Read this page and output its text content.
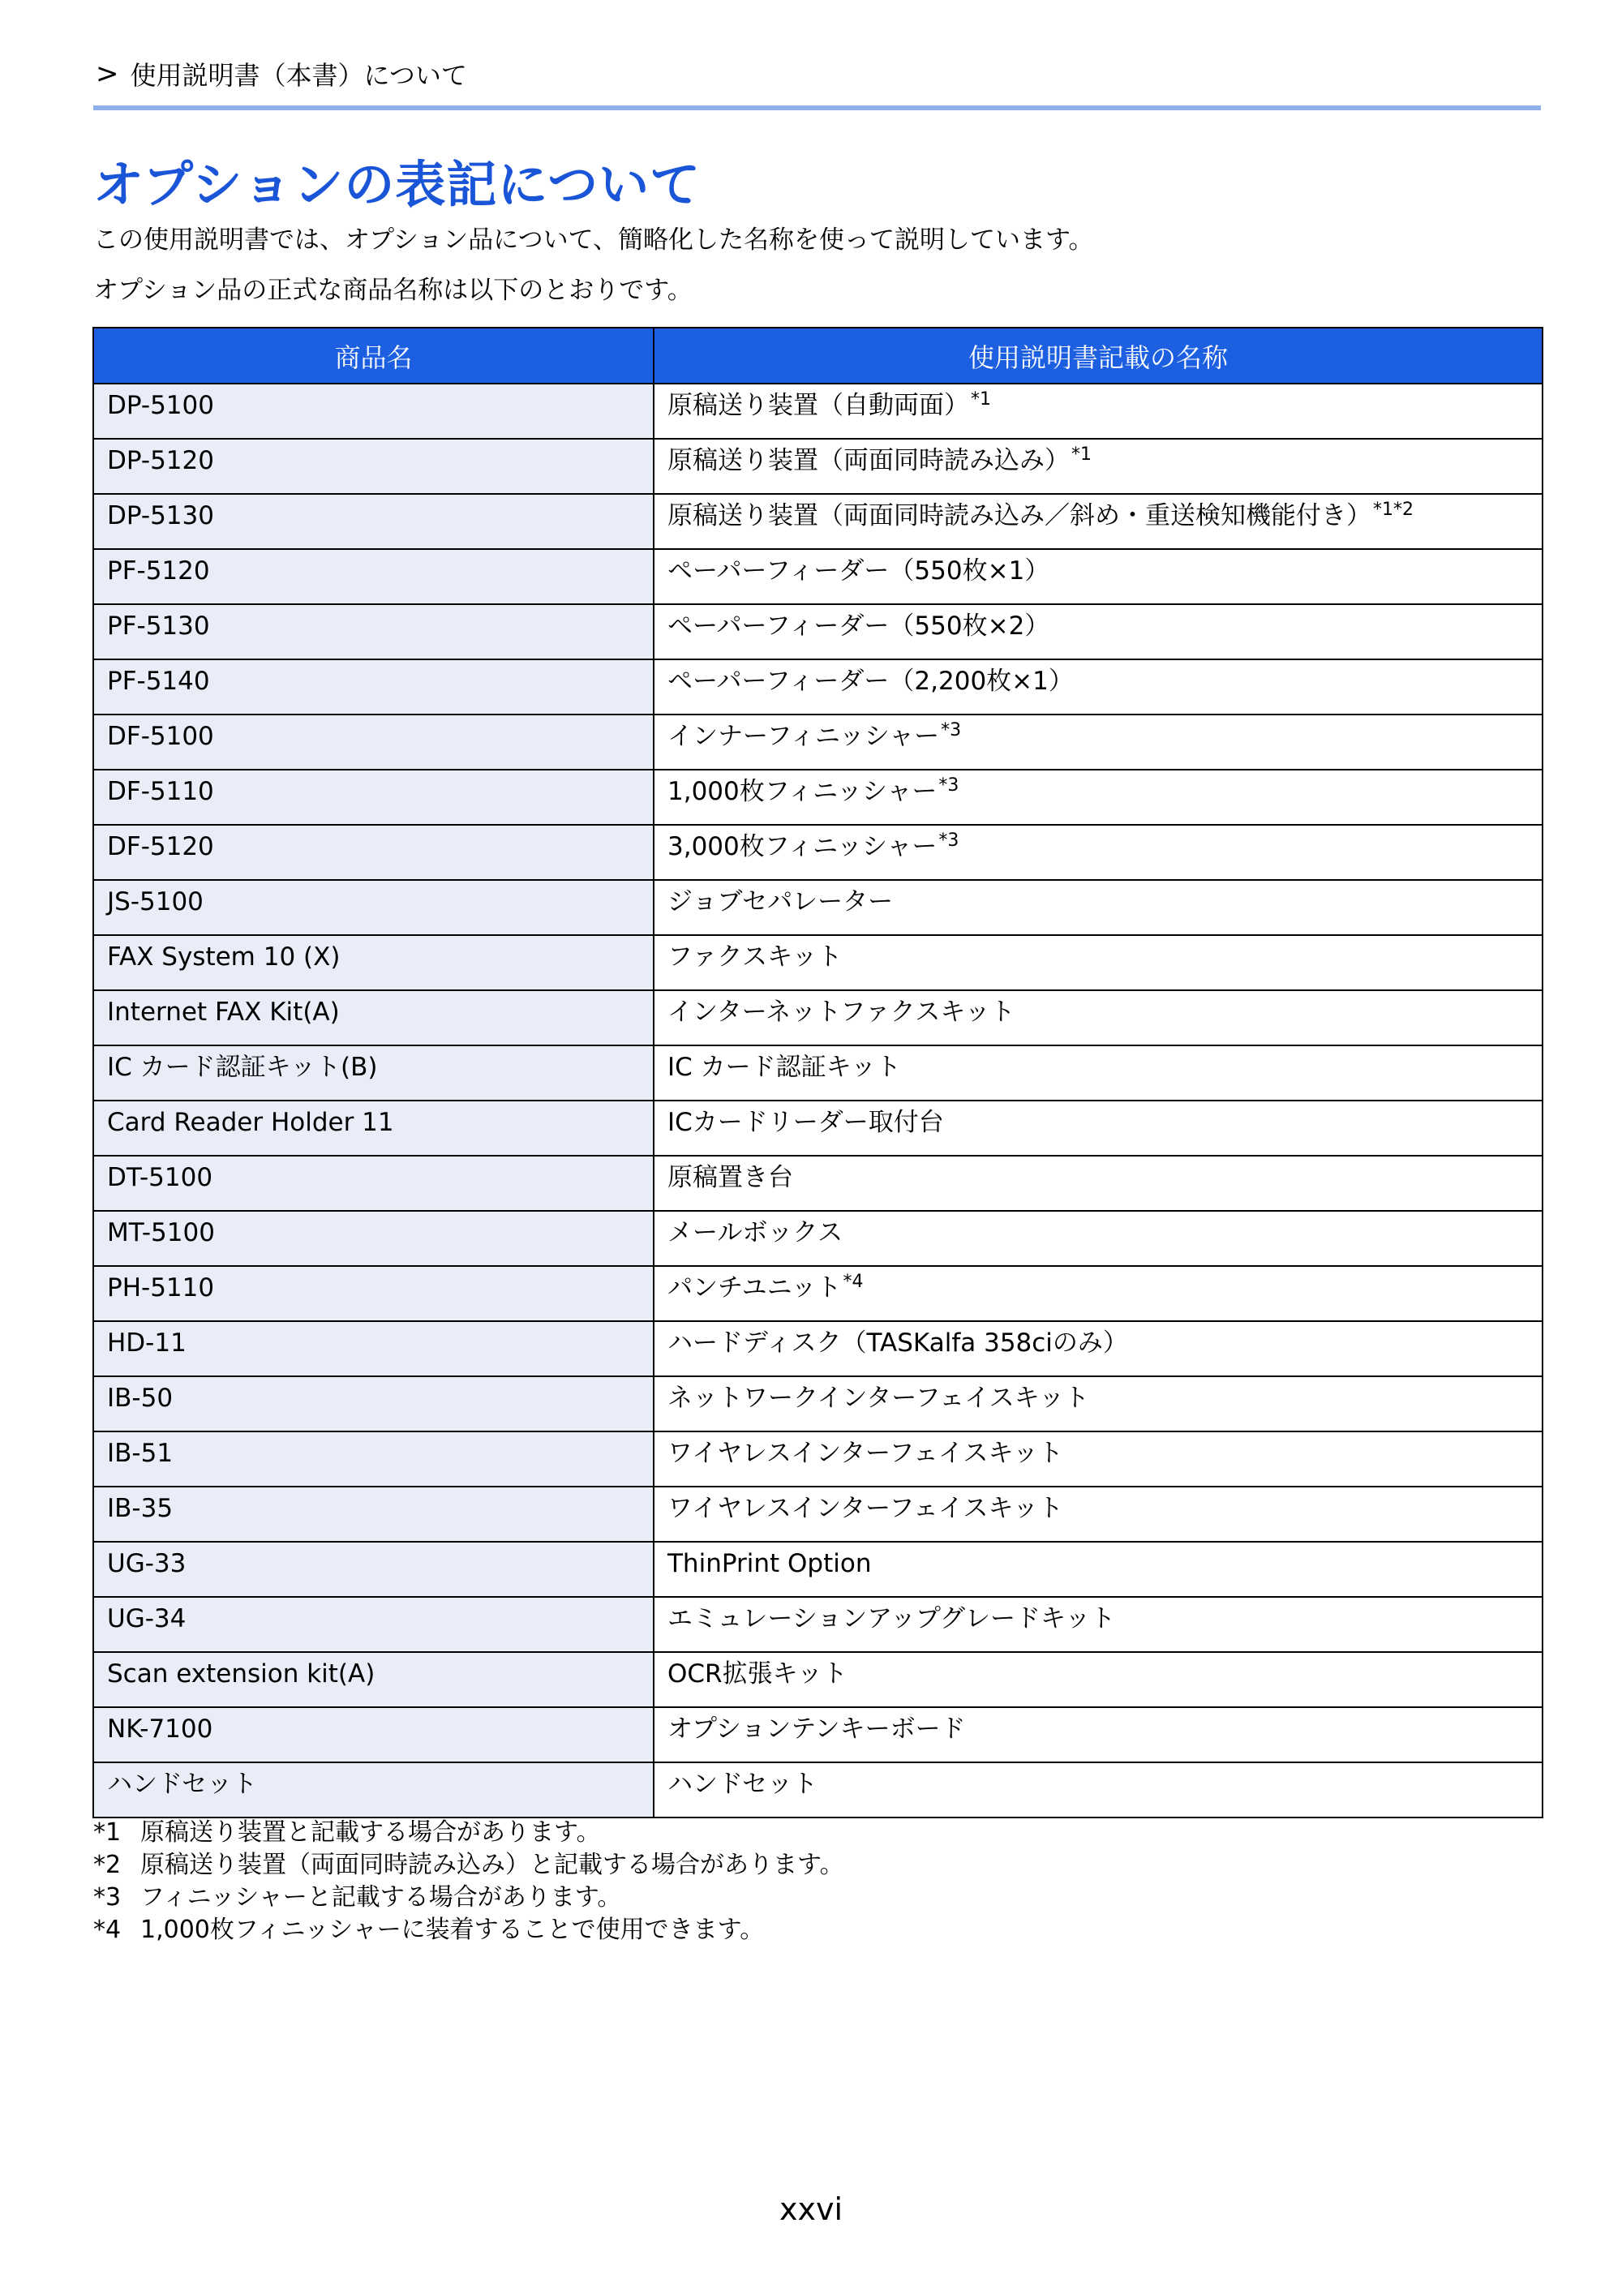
> 使用説明書（本書）について
オプションの表記について
この使用説明書では、オプション品について、簡略化した名称を使って説明しています。
オプション品の正式な商品名称は以下のとおりです。
商品名	使用説明書記載の名称

DP-5100	原稿送り装置（自動両面）$^{*1}$

DP-5120	原稿送り装置（両面同時読み込み）$^{*1}$

DP-5130	原稿送り装置（両面同時読み込み／斜め・重送検知機能付き）$^{*1*2}$

PF-5120	ペーパーフィーダー（550枚×1）

PF-5130	ペーパーフィーダー（550枚×2）

PF-5140	ペーパーフィーダー（2,200枚×1）

DF-5100	インナーフィニッシャー$^{*3}$

DF-5110	1,000枚フィニッシャー$^{*3}$

DF-5120	3,000枚フィニッシャー$^{*3}$

JS-5100	ジョブセパレーター

FAX System 10 (X)	ファクスキット

Internet FAX Kit(A)	インターネットファクスキット

IC カード認証キット(B)	IC カード認証キット

Card Reader Holder 11	ICカードリーダー取付台

DT-5100	原稿置き台

MT-5100	メールボックス

PH-5110	パンチユニット$^{*4}$

HD-11	ハードディスク（TASKalfa 358ciのみ）

IB-50	ネットワークインターフェイスキット

IB-51	ワイヤレスインターフェイスキット

IB-35	ワイヤレスインターフェイスキット

UG-33	ThinPrint Option

UG-34	エミュレーションアップグレードキット

Scan extension kit(A)	OCR拡張キット

NK-7100	オプションテンキーボード

ハンドセット	ハンドセット
*1 原稿送り装置と記載する場合があります。
*2 原稿送り装置（両面同時読み込み）と記載する場合があります。
*3 フィニッシャーと記載する場合があります。
*4 1,000枚フィニッシャーに装着することで使用できます。
xxvi
